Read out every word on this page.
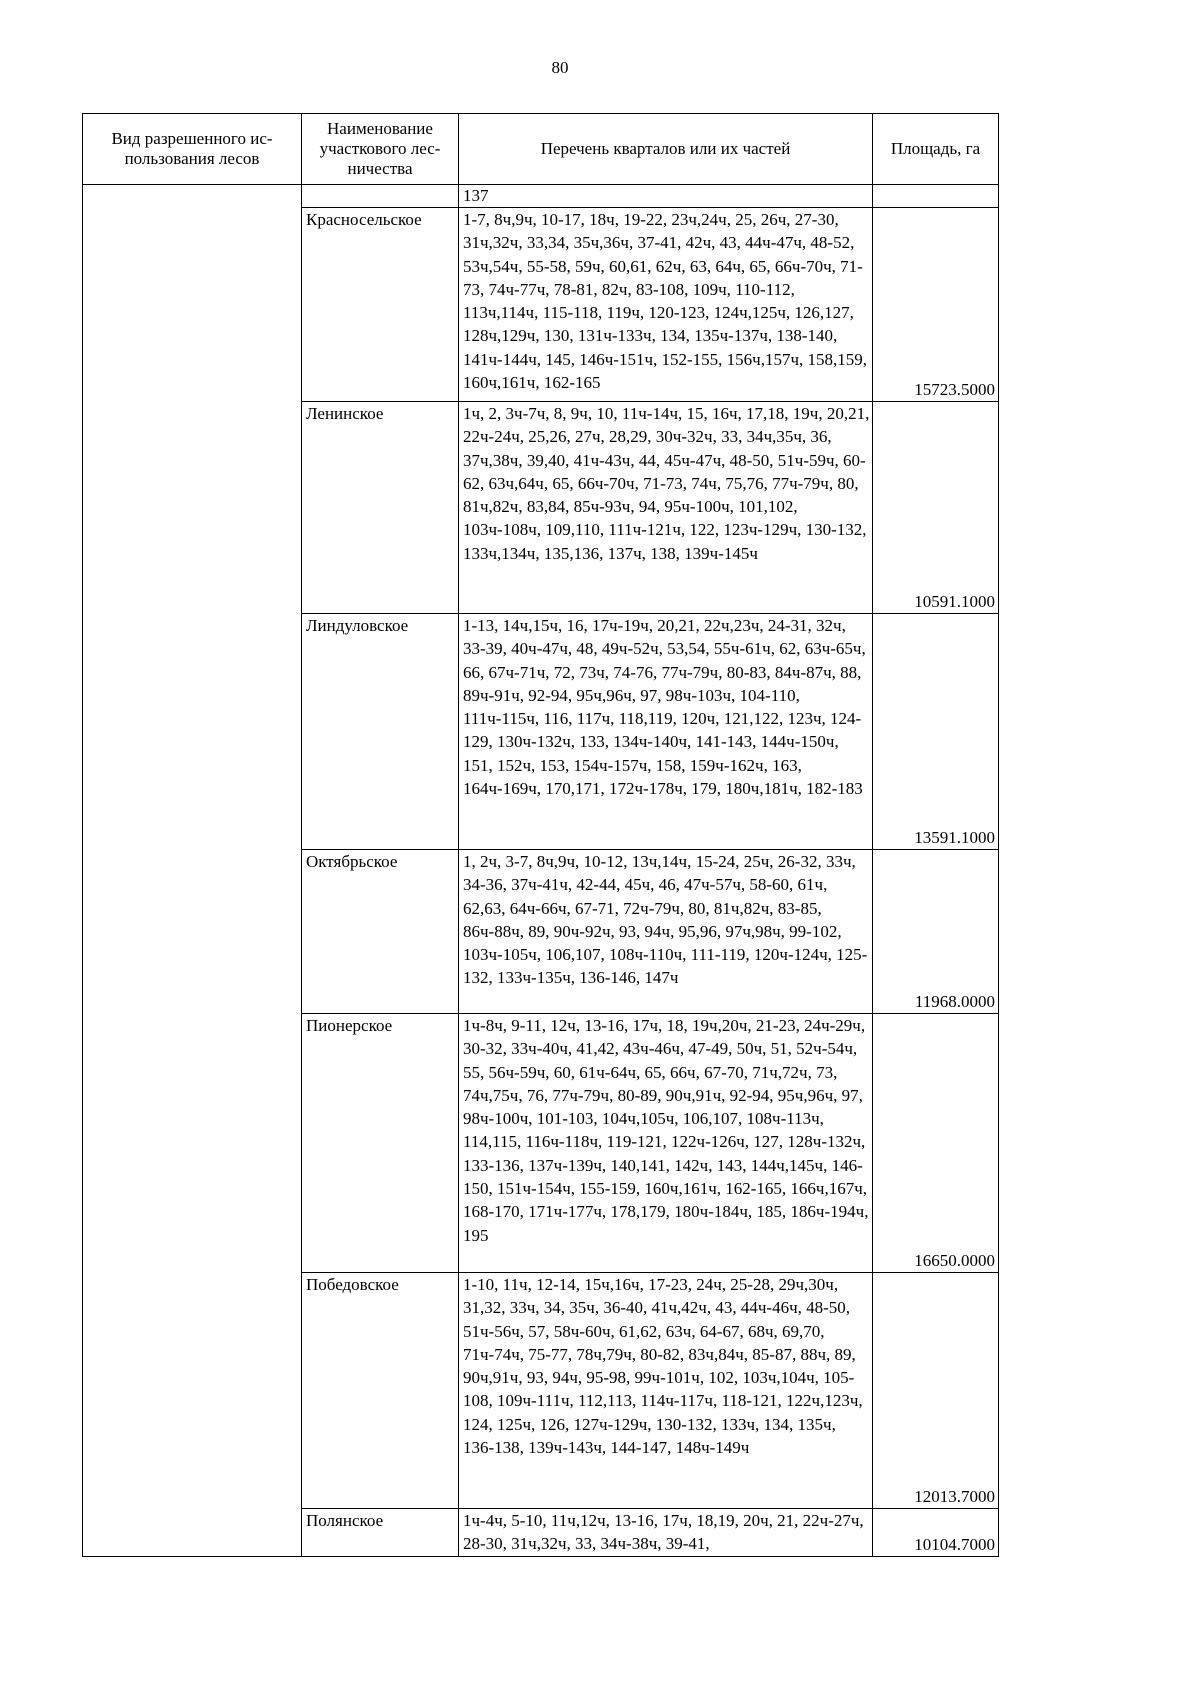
80
Вид разрешенного ис-пользования лесов	Наименование участкового лес-ничества	Перечень кварталов или их частей	Площадь, га
		137	
	Красносельское	1-7, 8ч,9ч, 10-17, 18ч, 19-22, 23ч,24ч, 25, 26ч, 27-30, 31ч,32ч, 33,34, 35ч,36ч, 37-41, 42ч, 43, 44ч-47ч, 48-52, 53ч,54ч, 55-58, 59ч, 60,61, 62ч, 63, 64ч, 65, 66ч-70ч, 71-73, 74ч-77ч, 78-81, 82ч, 83-108, 109ч, 110-112, 113ч,114ч, 115-118, 119ч, 120-123, 124ч,125ч, 126,127, 128ч,129ч, 130, 131ч-133ч, 134, 135ч-137ч, 138-140, 141ч-144ч, 145, 146ч-151ч, 152-155, 156ч,157ч, 158,159, 160ч,161ч, 162-165	15723.5000
	Ленинское	1ч, 2, 3ч-7ч, 8, 9ч, 10, 11ч-14ч, 15, 16ч, 17,18, 19ч, 20,21, 22ч-24ч, 25,26, 27ч, 28,29, 30ч-32ч, 33, 34ч,35ч, 36, 37ч,38ч, 39,40, 41ч-43ч, 44, 45ч-47ч, 48-50, 51ч-59ч, 60-62, 63ч,64ч, 65, 66ч-70ч, 71-73, 74ч, 75,76, 77ч-79ч, 80, 81ч,82ч, 83,84, 85ч-93ч, 94, 95ч-100ч, 101,102, 103ч-108ч, 109,110, 111ч-121ч, 122, 123ч-129ч, 130-132, 133ч,134ч, 135,136, 137ч, 138, 139ч-145ч	10591.1000
	Линдуловское	1-13, 14ч,15ч, 16, 17ч-19ч, 20,21, 22ч,23ч, 24-31, 32ч, 33-39, 40ч-47ч, 48, 49ч-52ч, 53,54, 55ч-61ч, 62, 63ч-65ч, 66, 67ч-71ч, 72, 73ч, 74-76, 77ч-79ч, 80-83, 84ч-87ч, 88, 89ч-91ч, 92-94, 95ч,96ч, 97, 98ч-103ч, 104-110, 111ч-115ч, 116, 117ч, 118,119, 120ч, 121,122, 123ч, 124-129, 130ч-132ч, 133, 134ч-140ч, 141-143, 144ч-150ч, 151, 152ч, 153, 154ч-157ч, 158, 159ч-162ч, 163, 164ч-169ч, 170,171, 172ч-178ч, 179, 180ч,181ч, 182-183	13591.1000
	Октябрьское	1, 2ч, 3-7, 8ч,9ч, 10-12, 13ч,14ч, 15-24, 25ч, 26-32, 33ч, 34-36, 37ч-41ч, 42-44, 45ч, 46, 47ч-57ч, 58-60, 61ч, 62,63, 64ч-66ч, 67-71, 72ч-79ч, 80, 81ч,82ч, 83-85, 86ч-88ч, 89, 90ч-92ч, 93, 94ч, 95,96, 97ч,98ч, 99-102, 103ч-105ч, 106,107, 108ч-110ч, 111-119, 120ч-124ч, 125-132, 133ч-135ч, 136-146, 147ч	11968.0000
	Пионерское	1ч-8ч, 9-11, 12ч, 13-16, 17ч, 18, 19ч,20ч, 21-23, 24ч-29ч, 30-32, 33ч-40ч, 41,42, 43ч-46ч, 47-49, 50ч, 51, 52ч-54ч, 55, 56ч-59ч, 60, 61ч-64ч, 65, 66ч, 67-70, 71ч,72ч, 73, 74ч,75ч, 76, 77ч-79ч, 80-89, 90ч,91ч, 92-94, 95ч,96ч, 97, 98ч-100ч, 101-103, 104ч,105ч, 106,107, 108ч-113ч, 114,115, 116ч-118ч, 119-121, 122ч-126ч, 127, 128ч-132ч, 133-136, 137ч-139ч, 140,141, 142ч, 143, 144ч,145ч, 146-150, 151ч-154ч, 155-159, 160ч,161ч, 162-165, 166ч,167ч, 168-170, 171ч-177ч, 178,179, 180ч-184ч, 185, 186ч-194ч, 195	16650.0000
	Победовское	1-10, 11ч, 12-14, 15ч,16ч, 17-23, 24ч, 25-28, 29ч,30ч, 31,32, 33ч, 34, 35ч, 36-40, 41ч,42ч, 43, 44ч-46ч, 48-50, 51ч-56ч, 57, 58ч-60ч, 61,62, 63ч, 64-67, 68ч, 69,70, 71ч-74ч, 75-77, 78ч,79ч, 80-82, 83ч,84ч, 85-87, 88ч, 89, 90ч,91ч, 93, 94ч, 95-98, 99ч-101ч, 102, 103ч,104ч, 105-108, 109ч-111ч, 112,113, 114ч-117ч, 118-121, 122ч,123ч, 124, 125ч, 126, 127ч-129ч, 130-132, 133ч, 134, 135ч, 136-138, 139ч-143ч, 144-147, 148ч-149ч	12013.7000
	Полянское	1ч-4ч, 5-10, 11ч,12ч, 13-16, 17ч, 18,19, 20ч, 21, 22ч-27ч, 28-30, 31ч,32ч, 33, 34ч-38ч, 39-41,	10104.7000
